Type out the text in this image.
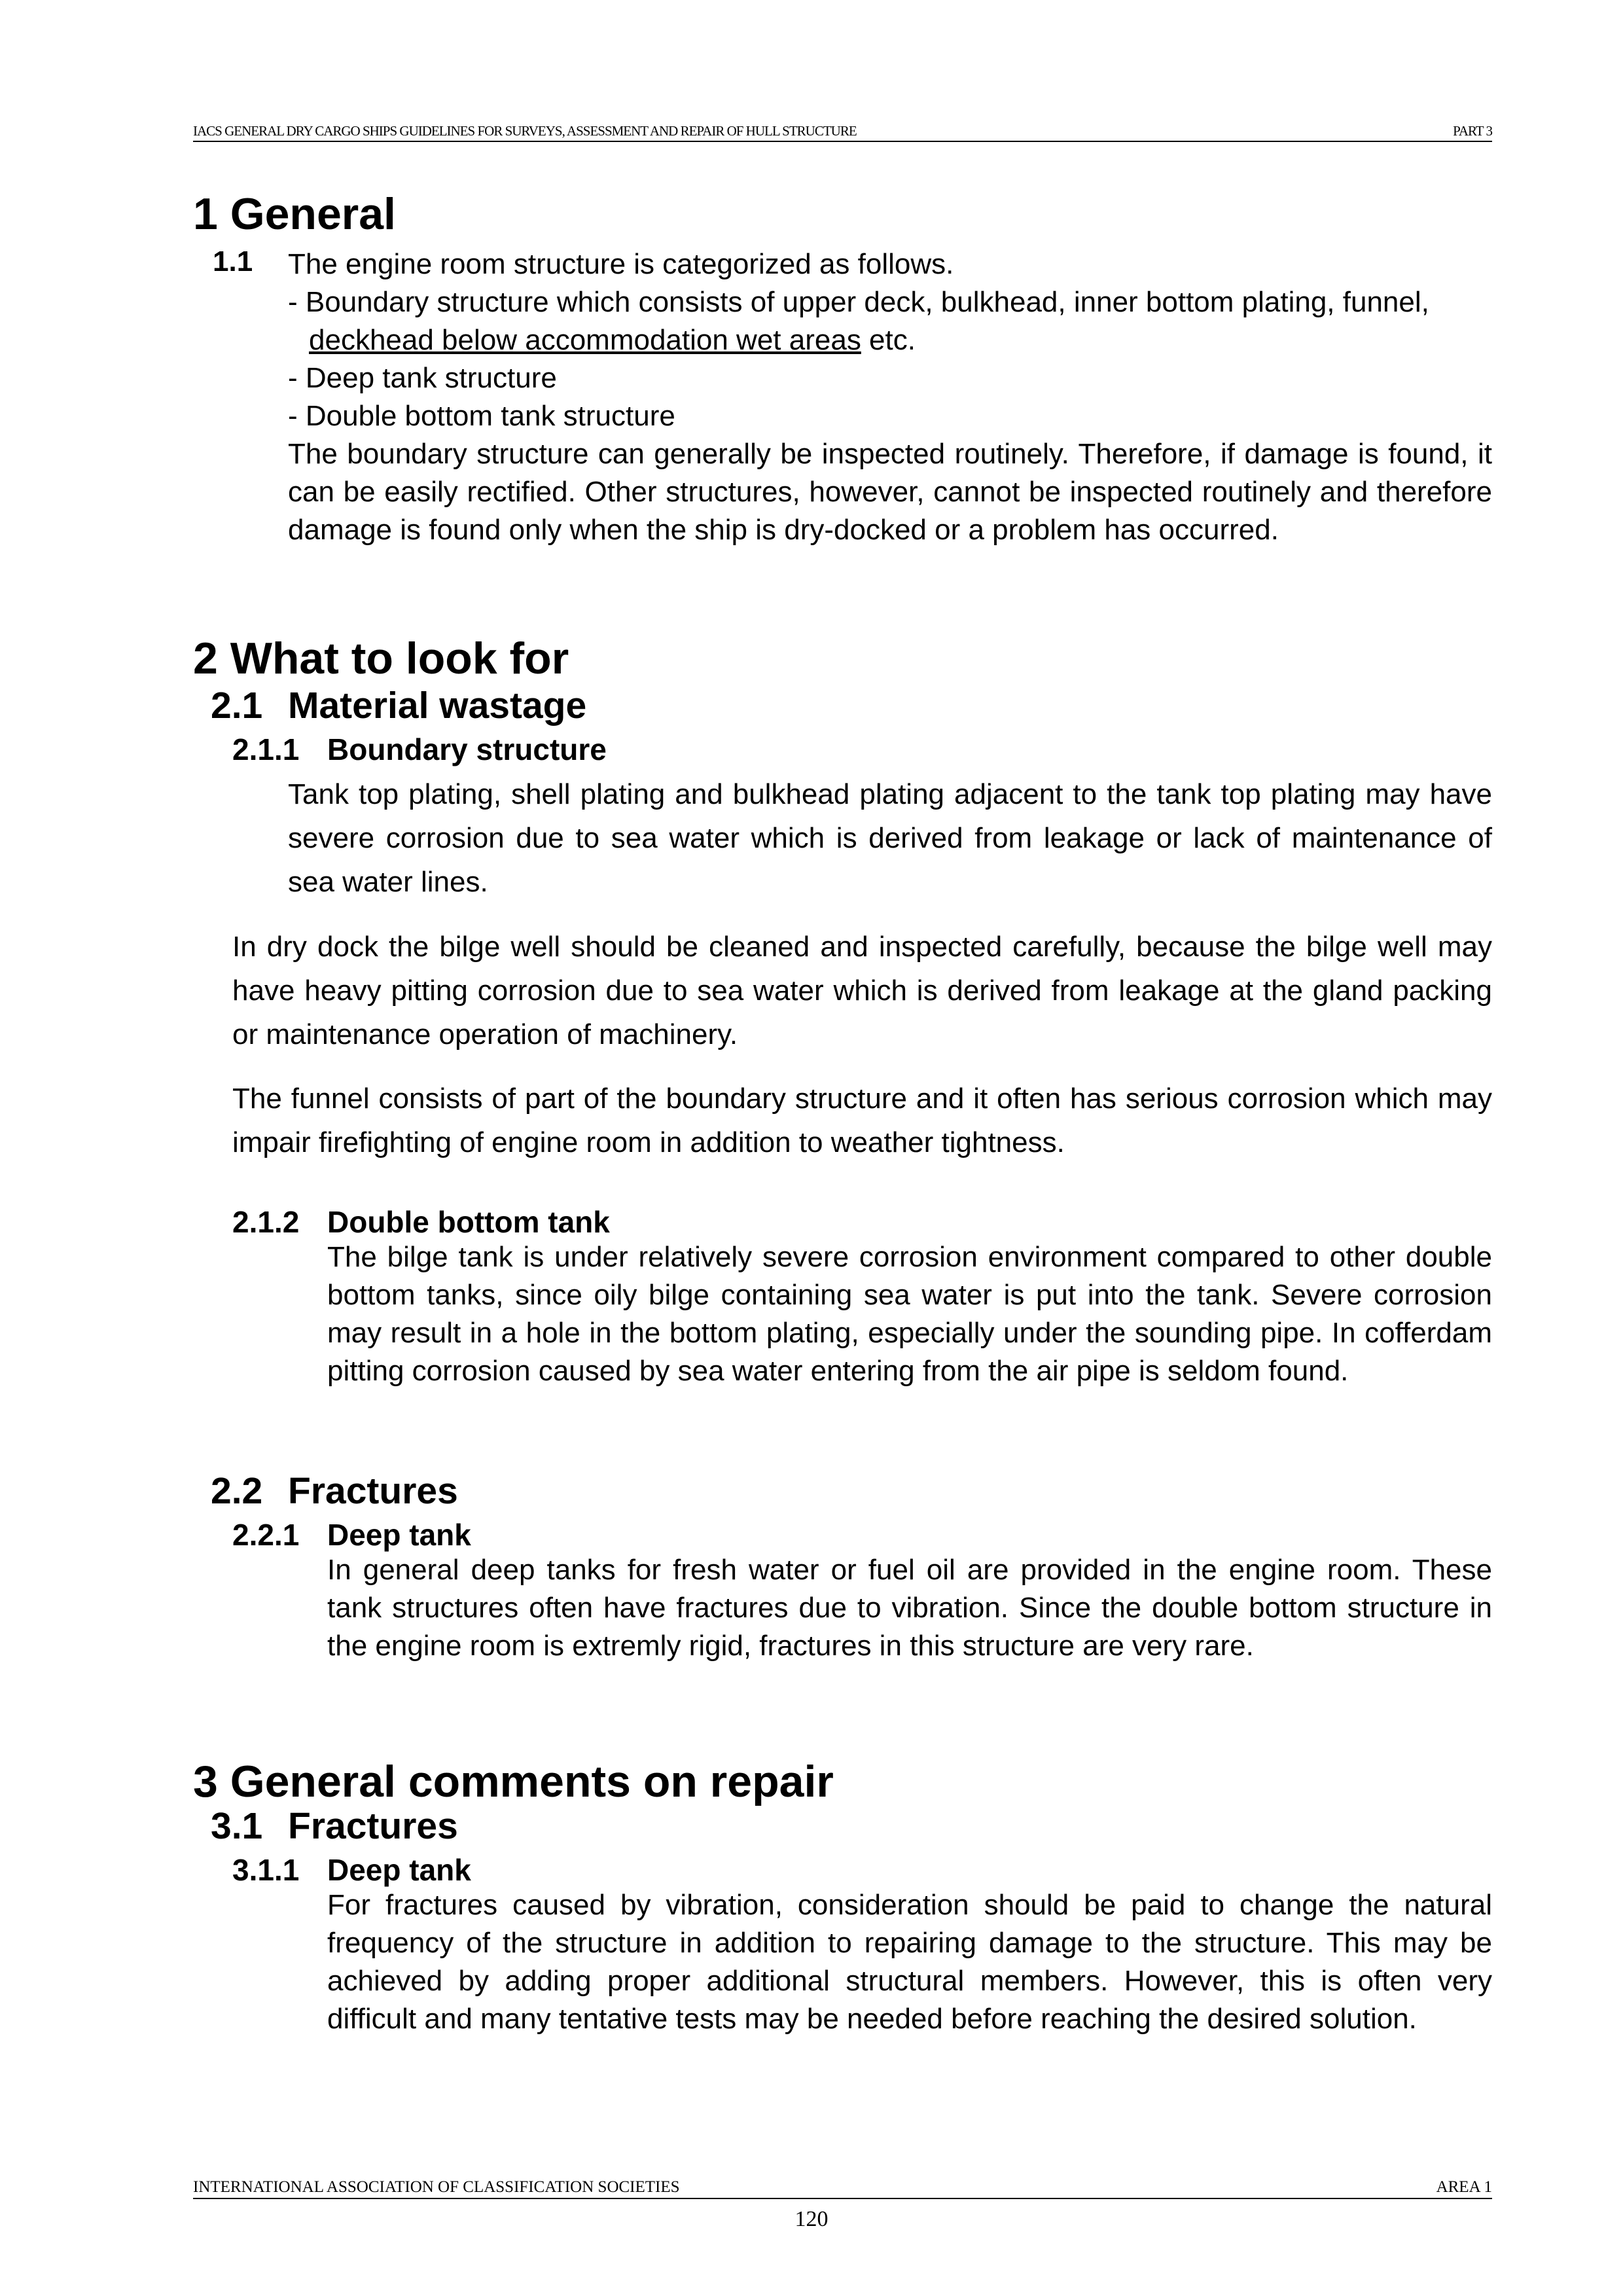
IACS GENERAL DRY CARGO SHIPS GUIDELINES FOR SURVEYS, ASSESSMENT AND REPAIR OF HULL STRUCTURE	PART 3
1 General
1.1 The engine room structure is categorized as follows.
- Boundary structure which consists of upper deck, bulkhead, inner bottom plating, funnel,
deckhead below accommodation wet areas etc.
- Deep tank structure
- Double bottom tank structure
The boundary structure can generally be inspected routinely. Therefore, if damage is found, it can be easily rectified. Other structures, however, cannot be inspected routinely and therefore damage is found only when the ship is dry-docked or a problem has occurred.
2 What to look for
2.1 Material wastage
2.1.1 Boundary structure

Tank top plating, shell plating and bulkhead plating adjacent to the tank top plating may have severe corrosion due to sea water which is derived from leakage or lack of maintenance of sea water lines.

In dry dock the bilge well should be cleaned and inspected carefully, because the bilge well may have heavy pitting corrosion due to sea water which is derived from leakage at the gland packing or maintenance operation of machinery.

The funnel consists of part of the boundary structure and it often has serious corrosion which may impair firefighting of engine room in addition to weather tightness.

2.1.2 Double bottom tank

The bilge tank is under relatively severe corrosion environment compared to other double bottom tanks, since oily bilge containing sea water is put into the tank. Severe corrosion may result in a hole in the bottom plating, especially under the sounding pipe. In cofferdam pitting corrosion caused by sea water entering from the air pipe is seldom found.

2.2 Fractures
2.2.1 Deep tank

In general deep tanks for fresh water or fuel oil are provided in the engine room. These tank structures often have fractures due to vibration. Since the double bottom structure in the engine room is extremly rigid, fractures in this structure are very rare.

3 General comments on repair
3.1 Fractures
3.1.1 Deep tank

For fractures caused by vibration, consideration should be paid to change the natural frequency of the structure in addition to repairing damage to the structure. This may be achieved by adding proper additional structural members. However, this is often very difficult and many tentative tests may be needed before reaching the desired solution.

INTERNATIONAL ASSOCIATION OF CLASSIFICATION SOCIETIES	AREA 1
120
